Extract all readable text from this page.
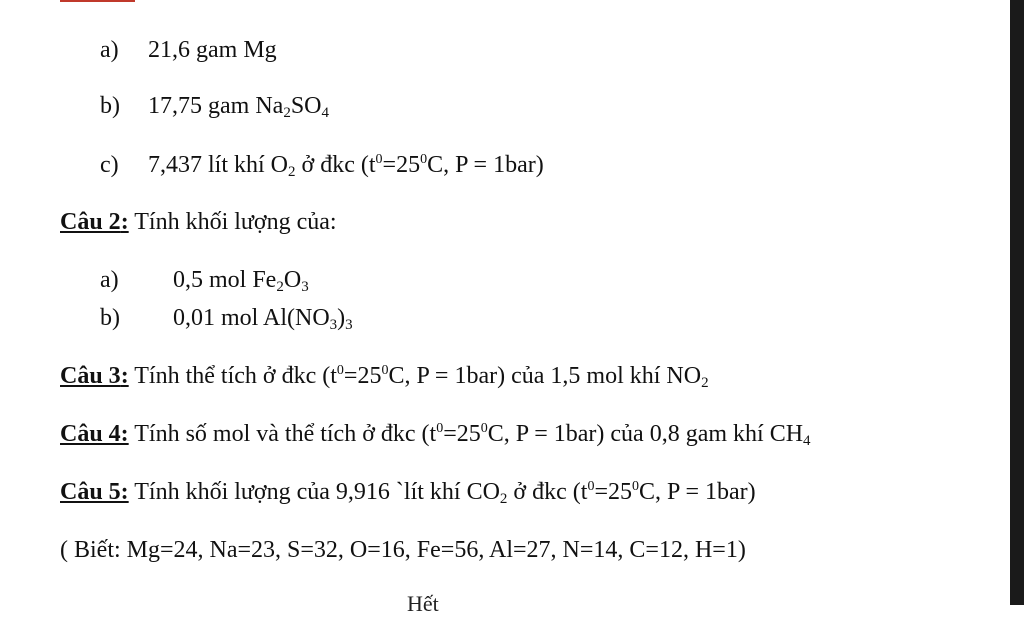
a) 21,6 gam Mg
b) 17,75 gam $Na_2SO_4$
c) 7,437 lít khí $O_2$ ở đkc ($t^0=25^0C$, P = 1bar)
Câu 2: Tính khối lượng của:
a) 0,5 mol $Fe_2O_3$
b) 0,01 mol $Al(NO_3)_3$
Câu 3: Tính thể tích ở đkc ($t^0=25^0C$, P = 1bar) của 1,5 mol khí $NO_2$
Câu 4: Tính số mol và thể tích ở đkc ($t^0=25^0C$, P = 1bar) của 0,8 gam khí $CH_4$
Câu 5: Tính khối lượng của 9,916 `lít khí $CO_2$ ở đkc ($t^0=25^0C$, P = 1bar)
( Biết: Mg=24, Na=23, S=32, O=16, Fe=56, Al=27, N=14, C=12, H=1)
Hết
